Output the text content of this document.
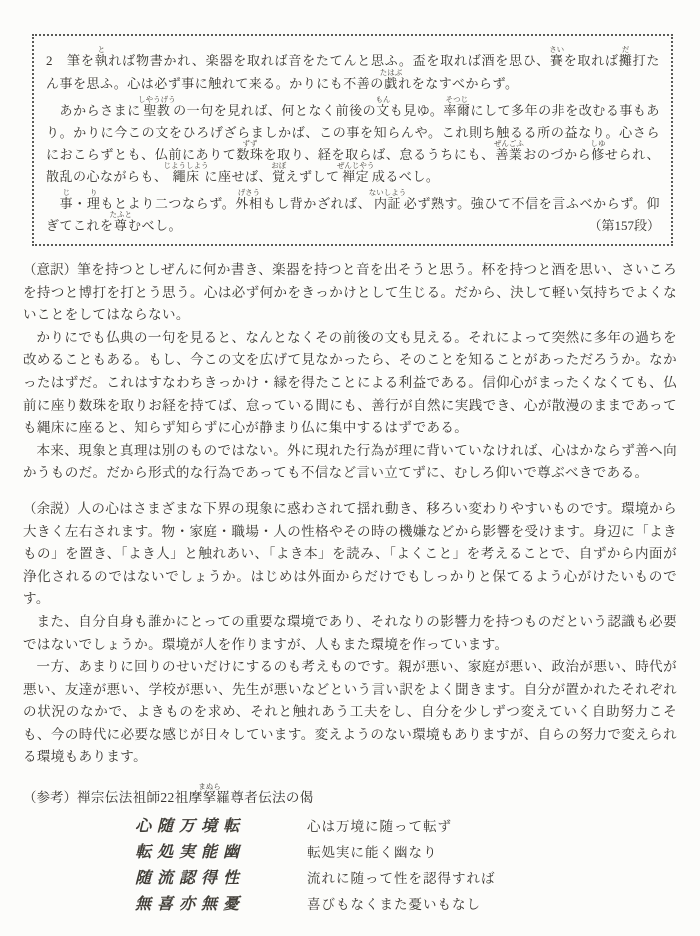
2　筆を執とれば物書かれ、楽器を取れば音をたてんと思ふ。盃を取れば酒を思ひ、賽さいを取れば攤だ打たん事を思ふ。心は必ず事に触れて来る。かりにも不善の戯たはぶれをなすべからず。
　あからさまに聖教しやうげうの一句を見れば、何となく前後の文もんも見ゆ。率爾そつじにして多年の非を改むる事もあり。かりに今この文をひろげざらましかば、この事を知らんや。これ則ち触るる所の益なり。心さらにおこらずとも、仏前にありて数珠ずずを取り、経を取らば、怠るうちにも、善業ぜんごふおのづから修しゆせられ、散乱の心ながらも、繩床じようしように座せば、覚おぼえずして禅定ぜんじやう成るべし。
　事じ・理りもとより二つならず。外相げさうもし背かざれば、内証ないしよう必ず熟す。強ひて不信を言ふべからず。仰ぎてこれを尊たふとむべし。	（第157段）
（意訳）筆を持つとしぜんに何か書き、楽器を持つと音を出そうと思う。杯を持つと酒を思い、さいころを持つと博打を打とう思う。心は必ず何かをきっかけとして生じる。だから、決して軽い気持ちでよくないことをしてはならない。
かりにでも仏典の一句を見ると、なんとなくその前後の文も見える。それによって突然に多年の過ちを改めることもある。もし、今この文を広げて見なかったら、そのことを知ることがあっただろうか。なかったはずだ。これはすなわちきっかけ・縁を得たことによる利益である。信仰心がまったくなくても、仏前に座り数珠を取りお経を持てば、怠っている間にも、善行が自然に実践でき、心が散漫のままであっても縄床に座ると、知らず知らずに心が静まり仏に集中するはずである。
本来、現象と真理は別のものではない。外に現れた行為が理に背いていなければ、心はかならず善へ向かうものだ。だから形式的な行為であっても不信など言い立てずに、むしろ仰いで尊ぶべきである。
（余説）人の心はさまざまな下界の現象に惑わされて揺れ動き、移ろい変わりやすいものです。環境から大きく左右されます。物・家庭・職場・人の性格やその時の機嫌などから影響を受けます。身辺に「よきもの」を置き、「よき人」と触れあい、「よき本」を読み、「よくこと」を考えることで、自ずから内面が浄化されるのではないでしょうか。はじめは外面からだけでもしっかりと保てるよう心がけたいものです。
また、自分自身も誰かにとっての重要な環境であり、それなりの影響力を持つものだという認識も必要ではないでしょうか。環境が人を作りますが、人もまた環境を作っています。
一方、あまりに回りのせいだけにするのも考えものです。親が悪い、家庭が悪い、政治が悪い、時代が悪い、友達が悪い、学校が悪い、先生が悪いなどという言い訳をよく聞きます。自分が置かれたそれぞれの状況のなかで、よきものを求め、それと触れあう工夫をし、自分を少しずつ変えていく自助努力こそも、今の時代に必要な感じが日々しています。変えようのない環境もありますが、自らの努力で変えられる環境もあります。
（参考）禅宗伝法祖師22祖摩拏羅まぬら尊者伝法の偈
心随万境転	心は万境に随って転ず
転処実能幽	転処実に能く幽なり
随流認得性	流れに随って性を認得すれば
無喜亦無憂	喜びもなくまた憂いもなし
